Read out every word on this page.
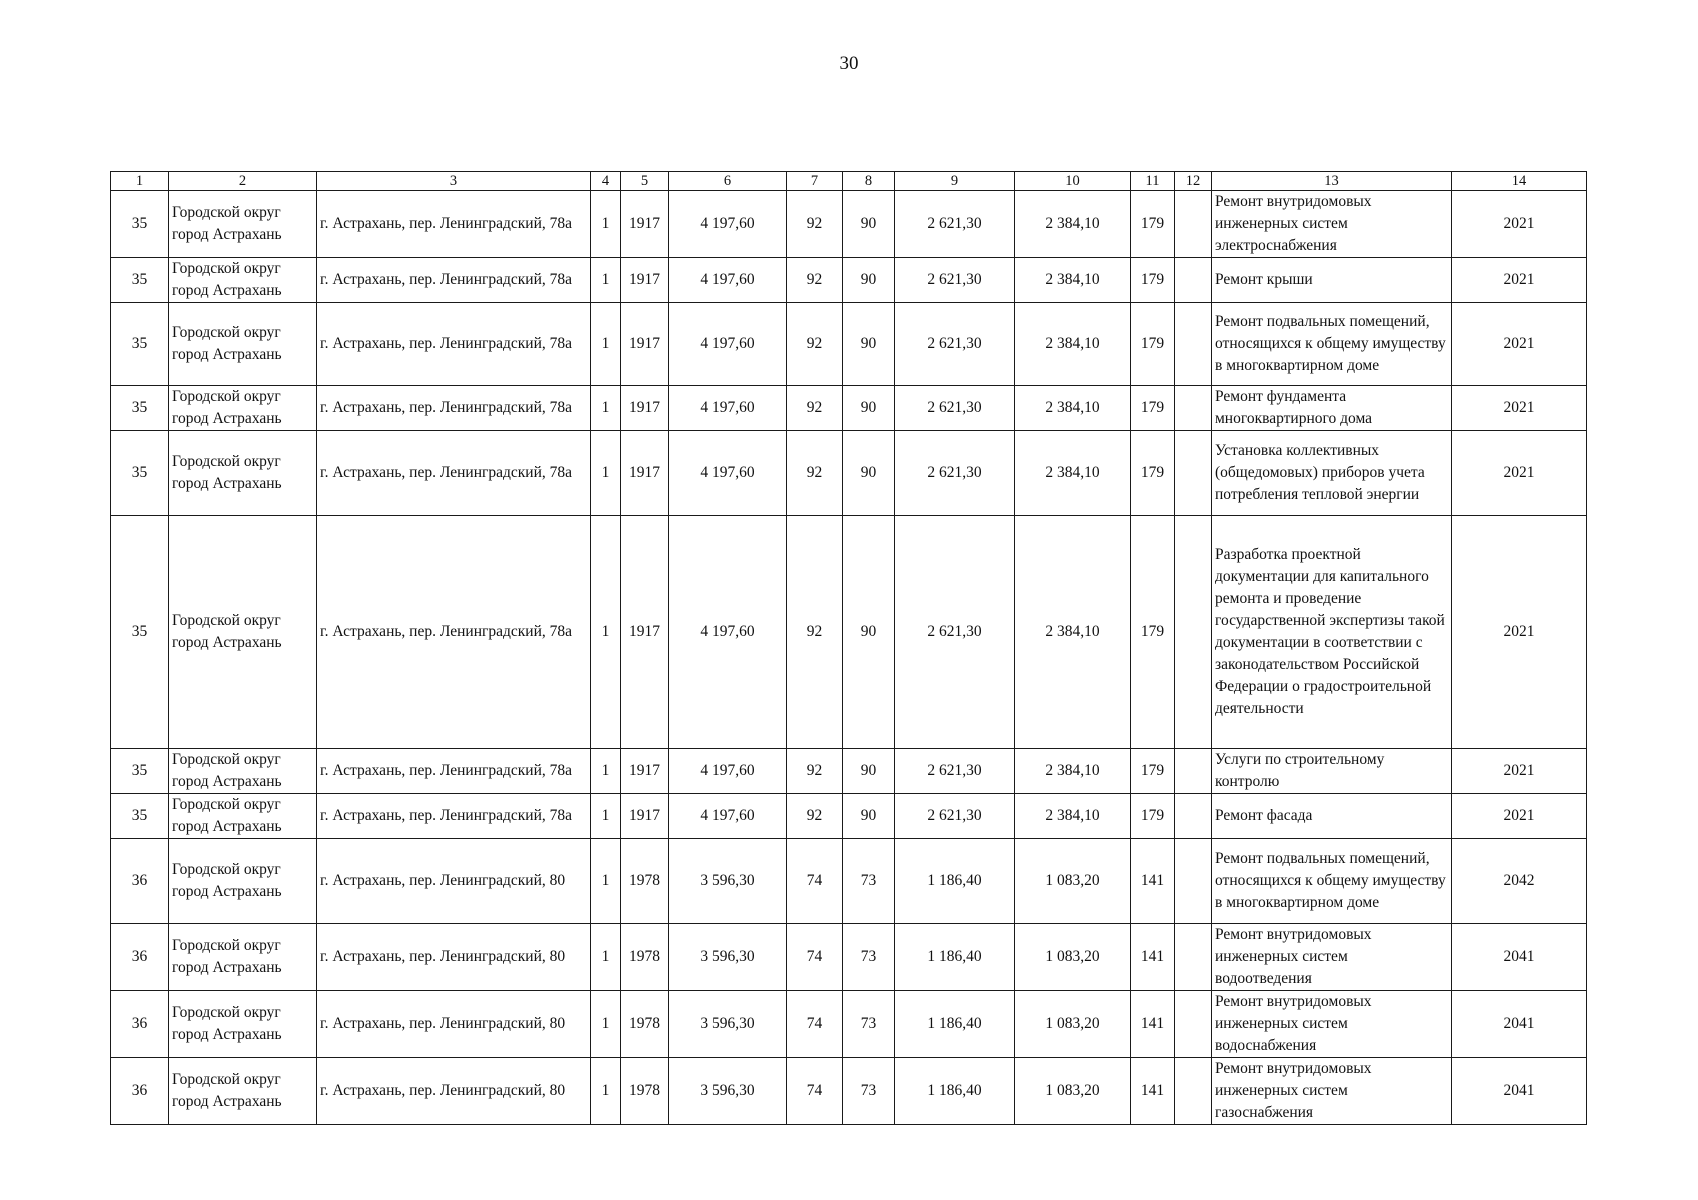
30
1	2	3	4	5	6	7	8	9	10	11	12	13	14
35	Городской округ город Астрахань	г. Астрахань, пер. Ленинградский, 78а	1	1917	4 197,60	92	90	2 621,30	2 384,10	179		Ремонт внутридомовых инженерных систем электроснабжения	2021
35	Городской округ город Астрахань	г. Астрахань, пер. Ленинградский, 78а	1	1917	4 197,60	92	90	2 621,30	2 384,10	179		Ремонт крыши	2021
35	Городской округ город Астрахань	г. Астрахань, пер. Ленинградский, 78а	1	1917	4 197,60	92	90	2 621,30	2 384,10	179		Ремонт подвальных помещений, относящихся к общему имуществу в многоквартирном доме	2021
35	Городской округ город Астрахань	г. Астрахань, пер. Ленинградский, 78а	1	1917	4 197,60	92	90	2 621,30	2 384,10	179		Ремонт фундамента многоквартирного дома	2021
35	Городской округ город Астрахань	г. Астрахань, пер. Ленинградский, 78а	1	1917	4 197,60	92	90	2 621,30	2 384,10	179		Установка коллективных (общедомовых) приборов учета потребления тепловой энергии	2021
35	Городской округ город Астрахань	г. Астрахань, пер. Ленинградский, 78а	1	1917	4 197,60	92	90	2 621,30	2 384,10	179		Разработка проектной документации для капитального ремонта и проведение государственной экспертизы такой документации в соответствии с законодательством Российской Федерации о градостроительной деятельности	2021
35	Городской округ город Астрахань	г. Астрахань, пер. Ленинградский, 78а	1	1917	4 197,60	92	90	2 621,30	2 384,10	179		Услуги по строительному контролю	2021
35	Городской округ город Астрахань	г. Астрахань, пер. Ленинградский, 78а	1	1917	4 197,60	92	90	2 621,30	2 384,10	179		Ремонт фасада	2021
36	Городской округ город Астрахань	г. Астрахань, пер. Ленинградский, 80	1	1978	3 596,30	74	73	1 186,40	1 083,20	141		Ремонт подвальных помещений, относящихся к общему имуществу в многоквартирном доме	2042
36	Городской округ город Астрахань	г. Астрахань, пер. Ленинградский, 80	1	1978	3 596,30	74	73	1 186,40	1 083,20	141		Ремонт внутридомовых инженерных систем водоотведения	2041
36	Городской округ город Астрахань	г. Астрахань, пер. Ленинградский, 80	1	1978	3 596,30	74	73	1 186,40	1 083,20	141		Ремонт внутридомовых инженерных систем водоснабжения	2041
36	Городской округ город Астрахань	г. Астрахань, пер. Ленинградский, 80	1	1978	3 596,30	74	73	1 186,40	1 083,20	141		Ремонт внутридомовых инженерных систем газоснабжения	2041
